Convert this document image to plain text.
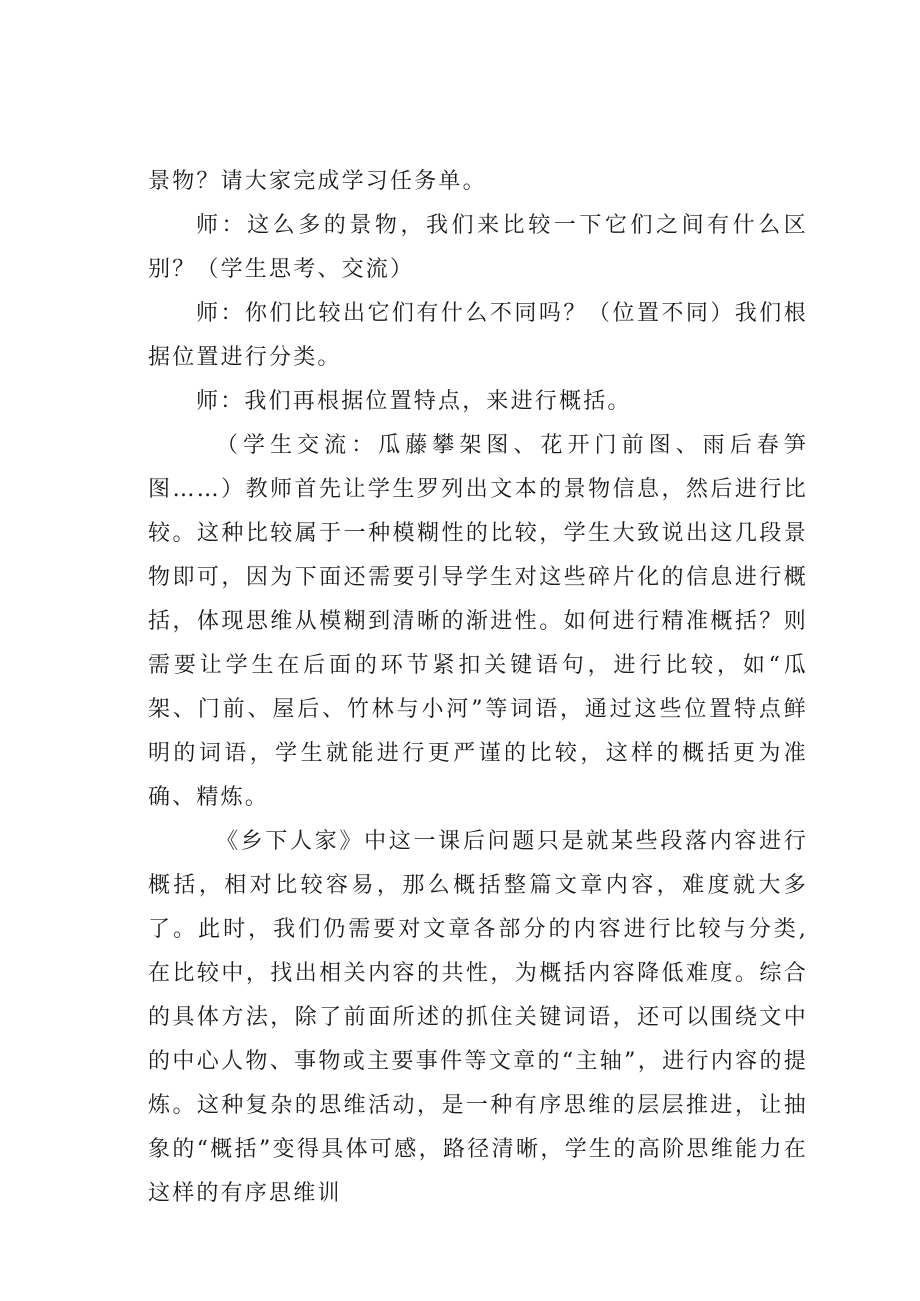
景物？请大家完成学习任务单。

师：这么多的景物，我们来比较一下它们之间有什么区别？（学生思考、交流）

师：你们比较出它们有什么不同吗？（位置不同）我们根据位置进行分类。

师：我们再根据位置特点，来进行概括。

（学生交流：瓜藤攀架图、花开门前图、雨后春笋图……）教师首先让学生罗列出文本的景物信息，然后进行比较。这种比较属于一种模糊性的比较，学生大致说出这几段景物即可，因为下面还需要引导学生对这些碎片化的信息进行概括，体现思维从模糊到清晰的渐进性。如何进行精准概括？则需要让学生在后面的环节紧扣关键语句，进行比较，如“瓜架、门前、屋后、竹林与小河”等词语，通过这些位置特点鲜明的词语，学生就能进行更严谨的比较，这样的概括更为准确、精炼。

《乡下人家》中这一课后问题只是就某些段落内容进行概括，相对比较容易，那么概括整篇文章内容，难度就大多了。此时，我们仍需要对文章各部分的内容进行比较与分类,在比较中，找出相关内容的共性，为概括内容降低难度。综合的具体方法，除了前面所述的抓住关键词语，还可以围绕文中的中心人物、事物或主要事件等文章的“主轴”，进行内容的提炼。这种复杂的思维活动，是一种有序思维的层层推进，让抽象的“概括”变得具体可感，路径清晰，学生的高阶思维能力在这样的有序思维训
